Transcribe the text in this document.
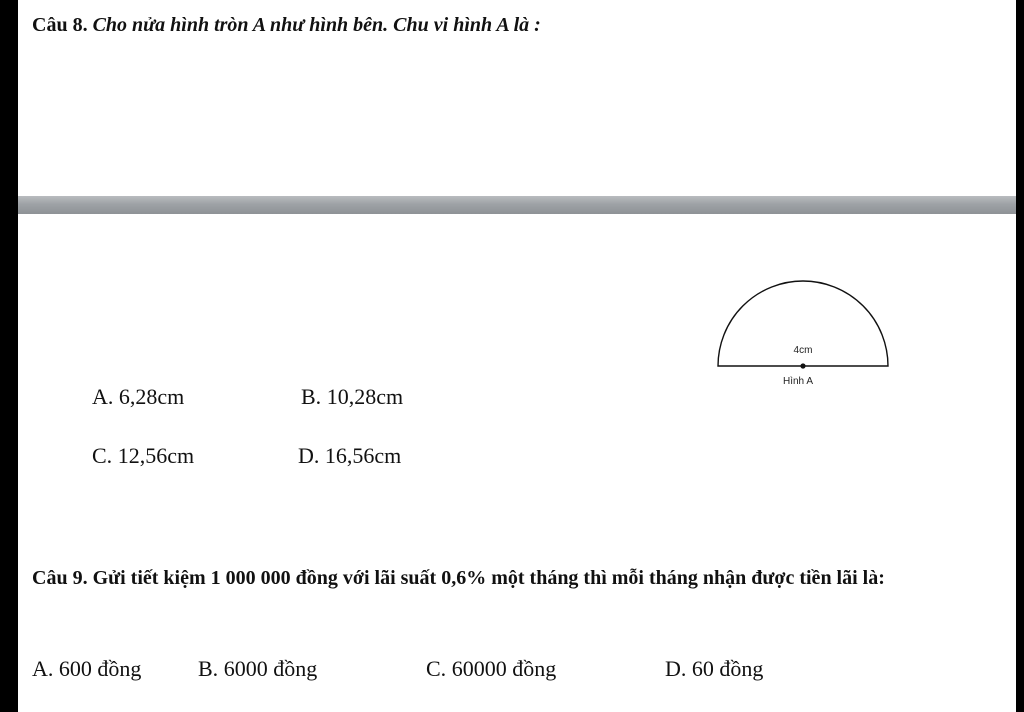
Câu 8. Cho nửa hình tròn A như hình bên. Chu vi hình A là :
4cm
Hình A
A. 6,28cm	B. 10,28cm
C. 12,56cm	D. 16,56cm
Câu 9. Gửi tiết kiệm 1 000 000 đồng với lãi suất 0,6% một tháng thì mỗi tháng nhận được tiền lãi là:
A. 600 đồng	B. 6000 đồng	C. 60000 đồng	D. 60 đồng
